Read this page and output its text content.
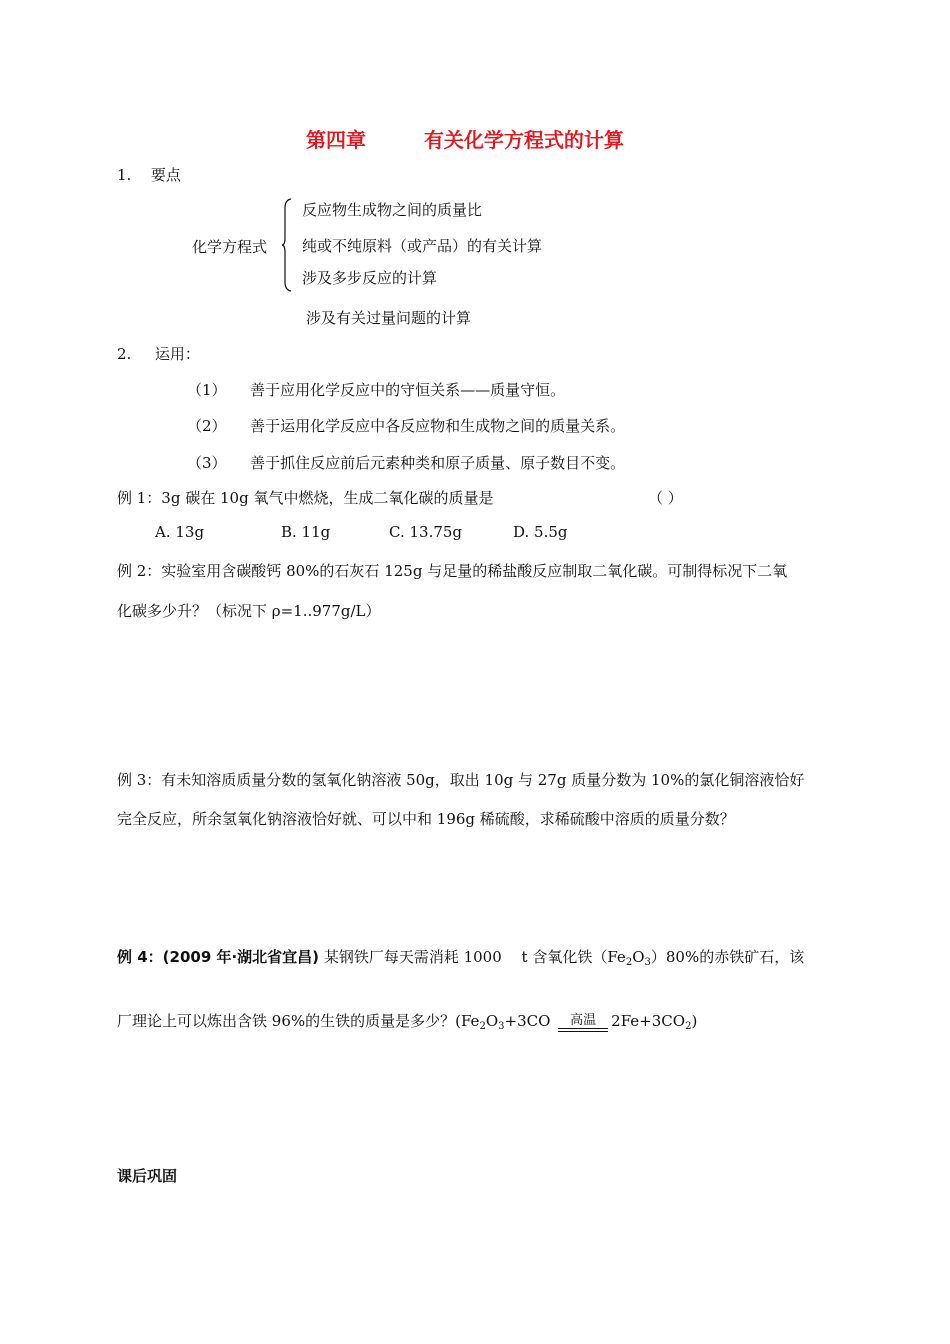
第四章	有关化学方程式的计算
1. 要点
化学方程式
反应物生成物之间的质量比
纯或不纯原料（或产品）的有关计算
涉及多步反应的计算
涉及有关过量问题的计算
2. 运用：
（1） 善于应用化学反应中的守恒关系——质量守恒。
（2） 善于运用化学反应中各反应物和生成物之间的质量关系。
（3） 善于抓住反应前后元素种类和原子质量、原子数目不变。
例 1：3g 碳在 10g 氧气中燃烧，生成二氧化碳的质量是	（ ）
A. 13g	B. 11g	C. 13.75g	D. 5.5g
例 2：实验室用含碳酸钙 80%的石灰石 125g 与足量的稀盐酸反应制取二氧化碳。可制得标况下二氧
化碳多少升？（标况下 ρ=1..977g/L）
例 3：有未知溶质质量分数的氢氧化钠溶液 50g，取出 10g 与 27g 质量分数为 10%的氯化铜溶液恰好
完全反应，所余氢氧化钠溶液恰好就、可以中和 196g 稀硫酸，求稀硫酸中溶质的质量分数？
例 4：(2009 年·湖北省宜昌) 某钢铁厂每天需消耗 1000　 t 含氧化铁$(Fe_2O_3)80\%$的赤铁矿石，该
厂理论上可以炼出含铁 96%的生铁的质量是多少？($Fe_2O_3+3CO$	高温	$2Fe+3CO_2$)
课后巩固
